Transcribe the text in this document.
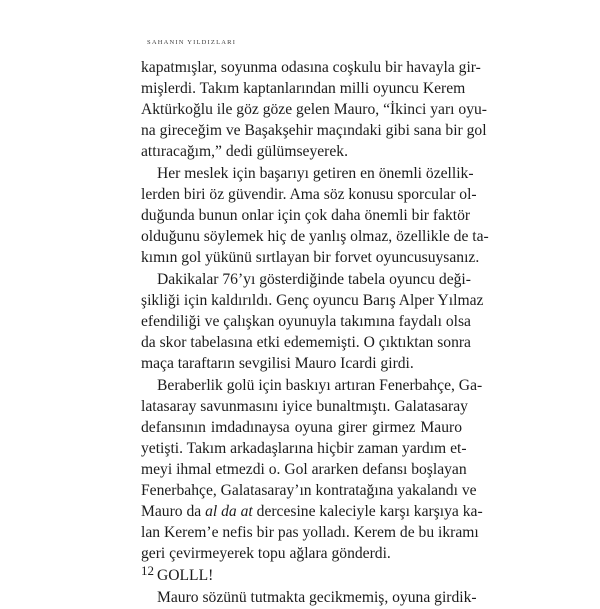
SAHANIN YILDIZLARI
kapatmışlar, soyunma odasına coşkulu bir havayla gir-
mişlerdi. Takım kaptanlarından milli oyuncu Kerem
Aktürkoğlu ile göz göze gelen Mauro, “İkinci yarı oyu-
na gireceğim ve Başakşehir maçındaki gibi sana bir gol
attıracağım,” dedi gülümseyerek.
Her meslek için başarıyı getiren en önemli özellik-
lerden biri öz güvendir. Ama söz konusu sporcular ol-
duğunda bunun onlar için çok daha önemli bir faktör
olduğunu söylemek hiç de yanlış olmaz, özellikle de ta-
kımın gol yükünü sırtlayan bir forvet oyuncusuysanız.
Dakikalar 76’yı gösterdiğinde tabela oyuncu deği-
şikliği için kaldırıldı. Genç oyuncu Barış Alper Yılmaz
efendiliği ve çalışkan oyunuyla takımına faydalı olsa
da skor tabelasına etki edememişti. O çıktıktan sonra
maça taraftarın sevgilisi Mauro Icardi girdi.
Beraberlik golü için baskıyı artıran Fenerbahçe, Ga-
latasaray savunmasını iyice bunaltmıştı. Galatasaray
defansının imdadınaysa oyuna girer girmez Mauro
yetişti. Takım arkadaşlarına hiçbir zaman yardım et-
meyi ihmal etmezdi o. Gol ararken defansı boşlayan
Fenerbahçe, Galatasaray’ın kontratağına yakalandı ve
Mauro da al da at dercesine kaleciyle karşı karşıya ka-
lan Kerem’e nefis bir pas yolladı. Kerem de bu ikramı
geri çevirmeyerek topu ağlara gönderdi.
GOLLL!
Mauro sözünü tutmakta gecikmemiş, oyuna girdik-
12
